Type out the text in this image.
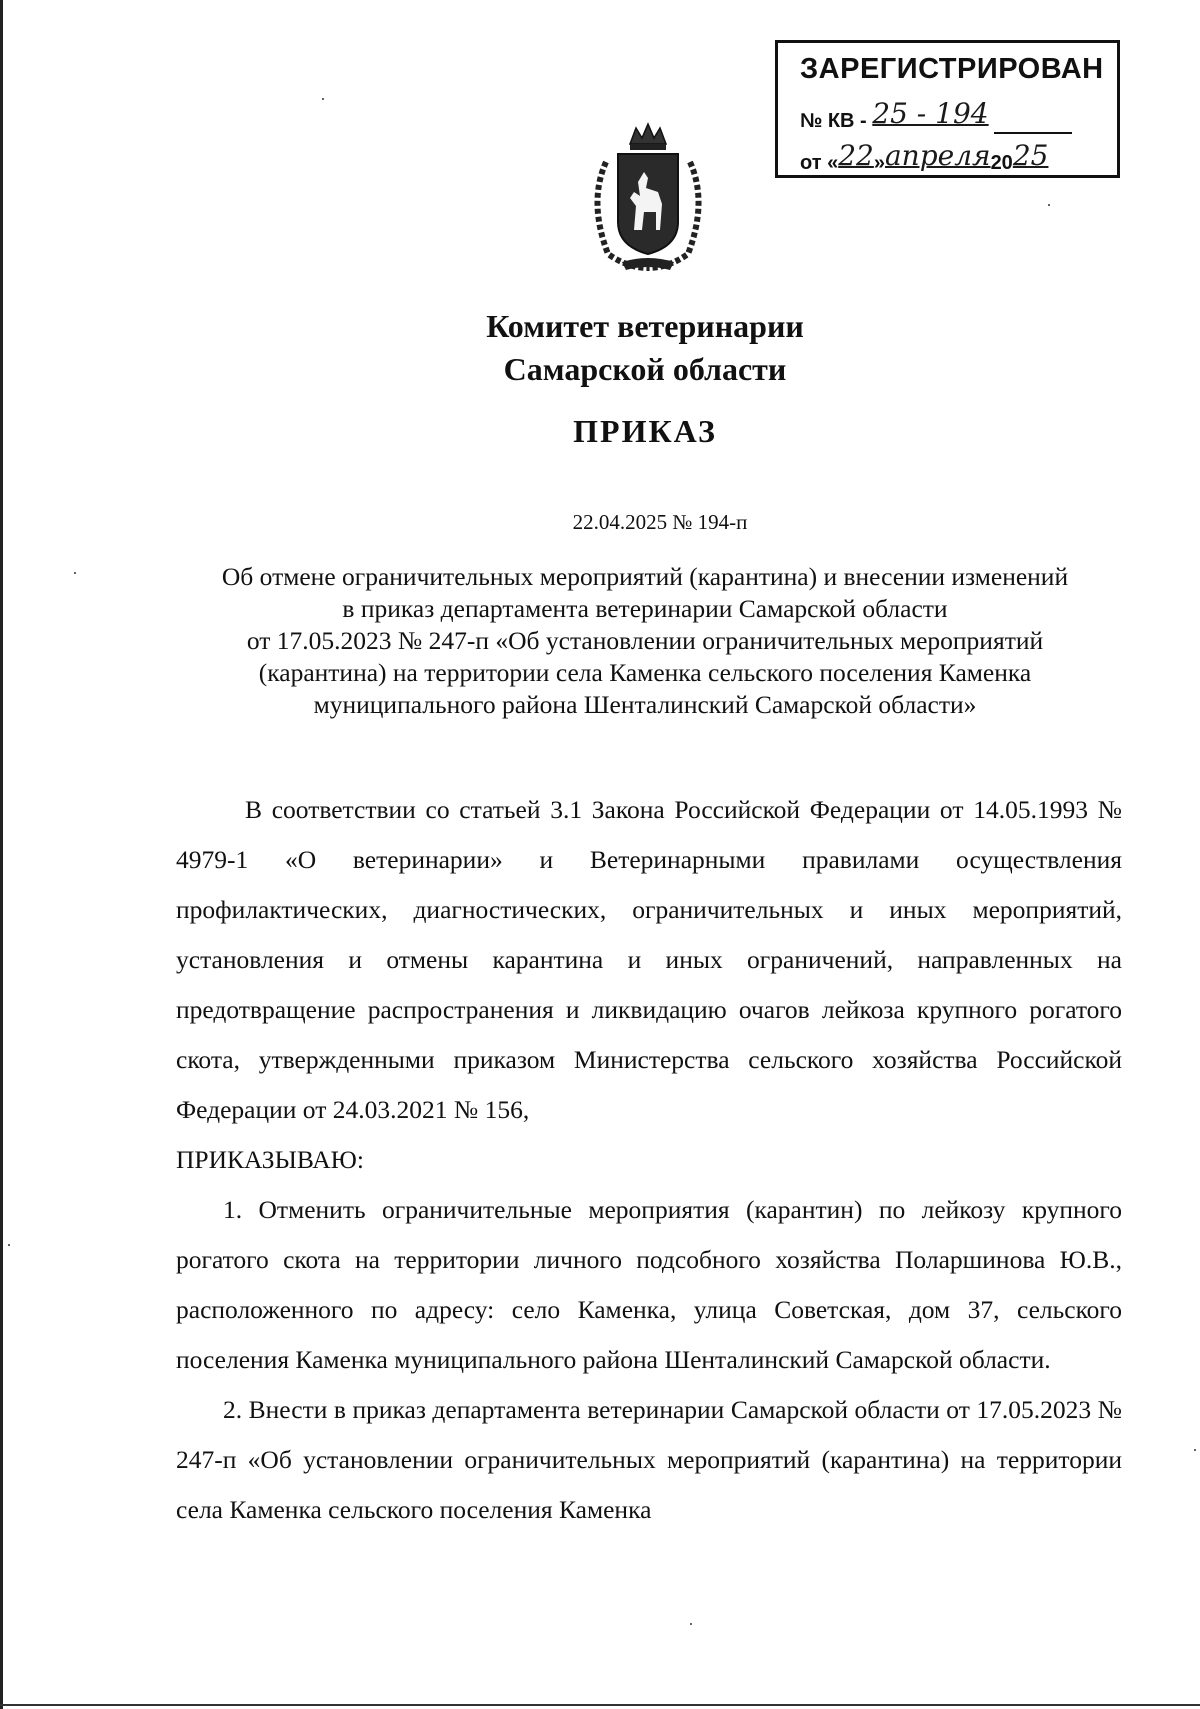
ЗАРЕГИСТРИРОВАН
№ КВ - 25 - 194
от «22»апреля2025
Комитет ветеринарии
Самарской области
ПРИКАЗ
22.04.2025 № 194-п
Об отмене ограничительных мероприятий (карантина) и внесении изменений
в приказ департамента ветеринарии Самарской области
от 17.05.2023 № 247-п «Об установлении ограничительных мероприятий
(карантина) на территории села Каменка сельского поселения Каменка
муниципального района Шенталинский Самарской области»

В соответствии со статьей 3.1 Закона Российской Федерации от 14.05.1993 № 4979-1 «О ветеринарии» и Ветеринарными правилами осуществления профилактических, диагностических, ограничительных и иных мероприятий, установления и отмены карантина и иных ограничений, направленных на предотвращение распространения и ликвидацию очагов лейкоза крупного рогатого скота, утвержденными приказом Министерства сельского хозяйства Российской Федерации от 24.03.2021 № 156,

ПРИКАЗЫВАЮ:

1. Отменить ограничительные мероприятия (карантин) по лейкозу крупного рогатого скота на территории личного подсобного хозяйства Поларшинова Ю.В., расположенного по адресу: село Каменка, улица Советская, дом 37, сельского поселения Каменка муниципального района Шенталинский Самарской области.

2. Внести в приказ департамента ветеринарии Самарской области от 17.05.2023 № 247-п «Об установлении ограничительных мероприятий (карантина) на территории села Каменка сельского поселения Каменка
